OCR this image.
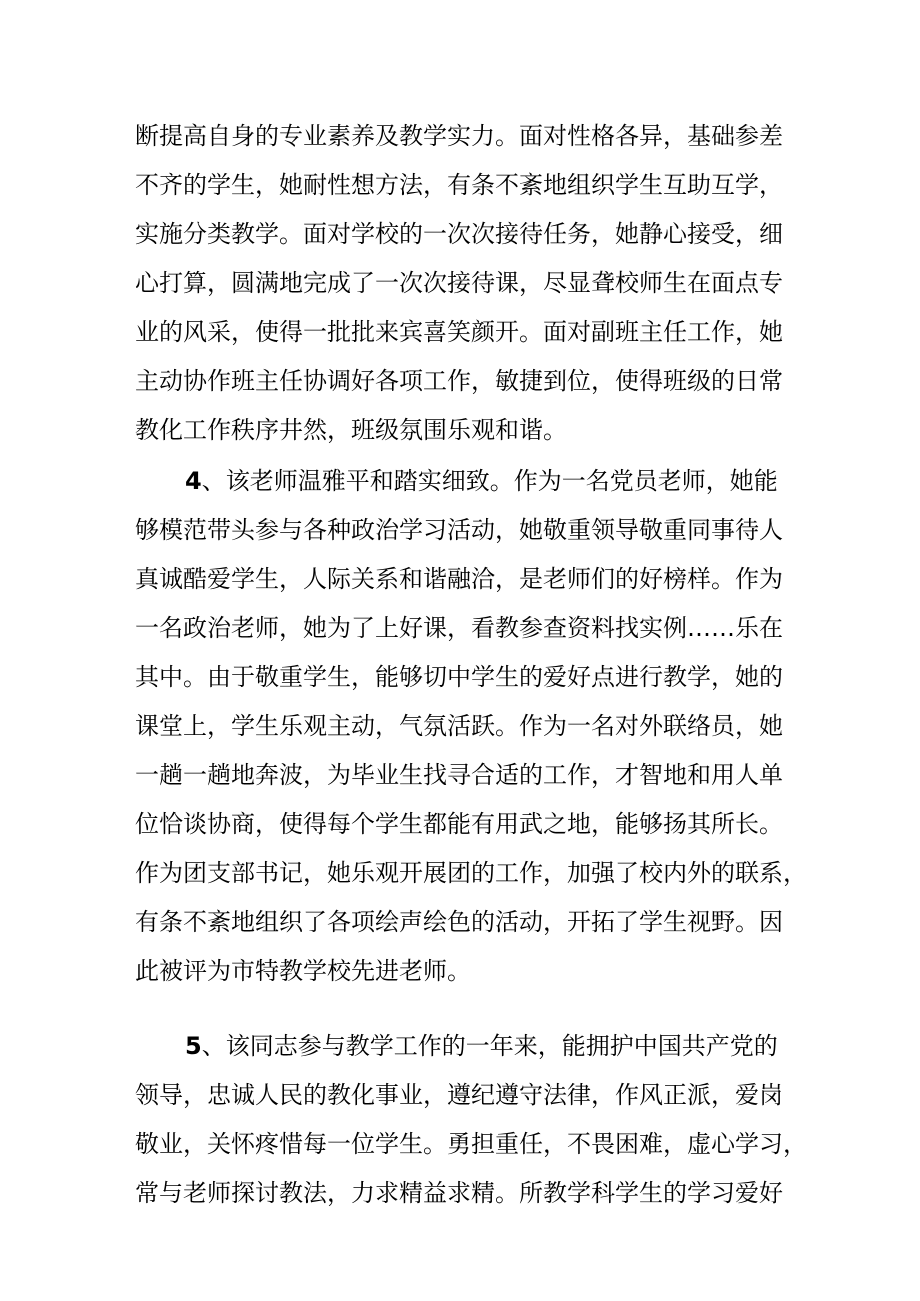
断提高自身的专业素养及教学实力。面对性格各异，基础参差
不齐的学生，她耐性想方法，有条不紊地组织学生互助互学，
实施分类教学。面对学校的一次次接待任务，她静心接受，细
心打算，圆满地完成了一次次接待课，尽显聋校师生在面点专
业的风采，使得一批批来宾喜笑颜开。面对副班主任工作，她
主动协作班主任协调好各项工作，敏捷到位，使得班级的日常
教化工作秩序井然，班级氛围乐观和谐。
4、该老师温雅平和踏实细致。作为一名党员老师，她能
够模范带头参与各种政治学习活动，她敬重领导敬重同事待人
真诚酷爱学生，人际关系和谐融洽，是老师们的好榜样。作为
一名政治老师，她为了上好课，看教参查资料找实例……乐在
其中。由于敬重学生，能够切中学生的爱好点进行教学，她的
课堂上，学生乐观主动，气氛活跃。作为一名对外联络员，她
一趟一趟地奔波，为毕业生找寻合适的工作，才智地和用人单
位恰谈协商，使得每个学生都能有用武之地，能够扬其所长。
作为团支部书记，她乐观开展团的工作，加强了校内外的联系，
有条不紊地组织了各项绘声绘色的活动，开拓了学生视野。因
此被评为市特教学校先进老师。
5、该同志参与教学工作的一年来，能拥护中国共产党的
领导，忠诚人民的教化事业，遵纪遵守法律，作风正派，爱岗
敬业，关怀疼惜每一位学生。勇担重任，不畏困难，虚心学习，
常与老师探讨教法，力求精益求精。所教学科学生的学习爱好
